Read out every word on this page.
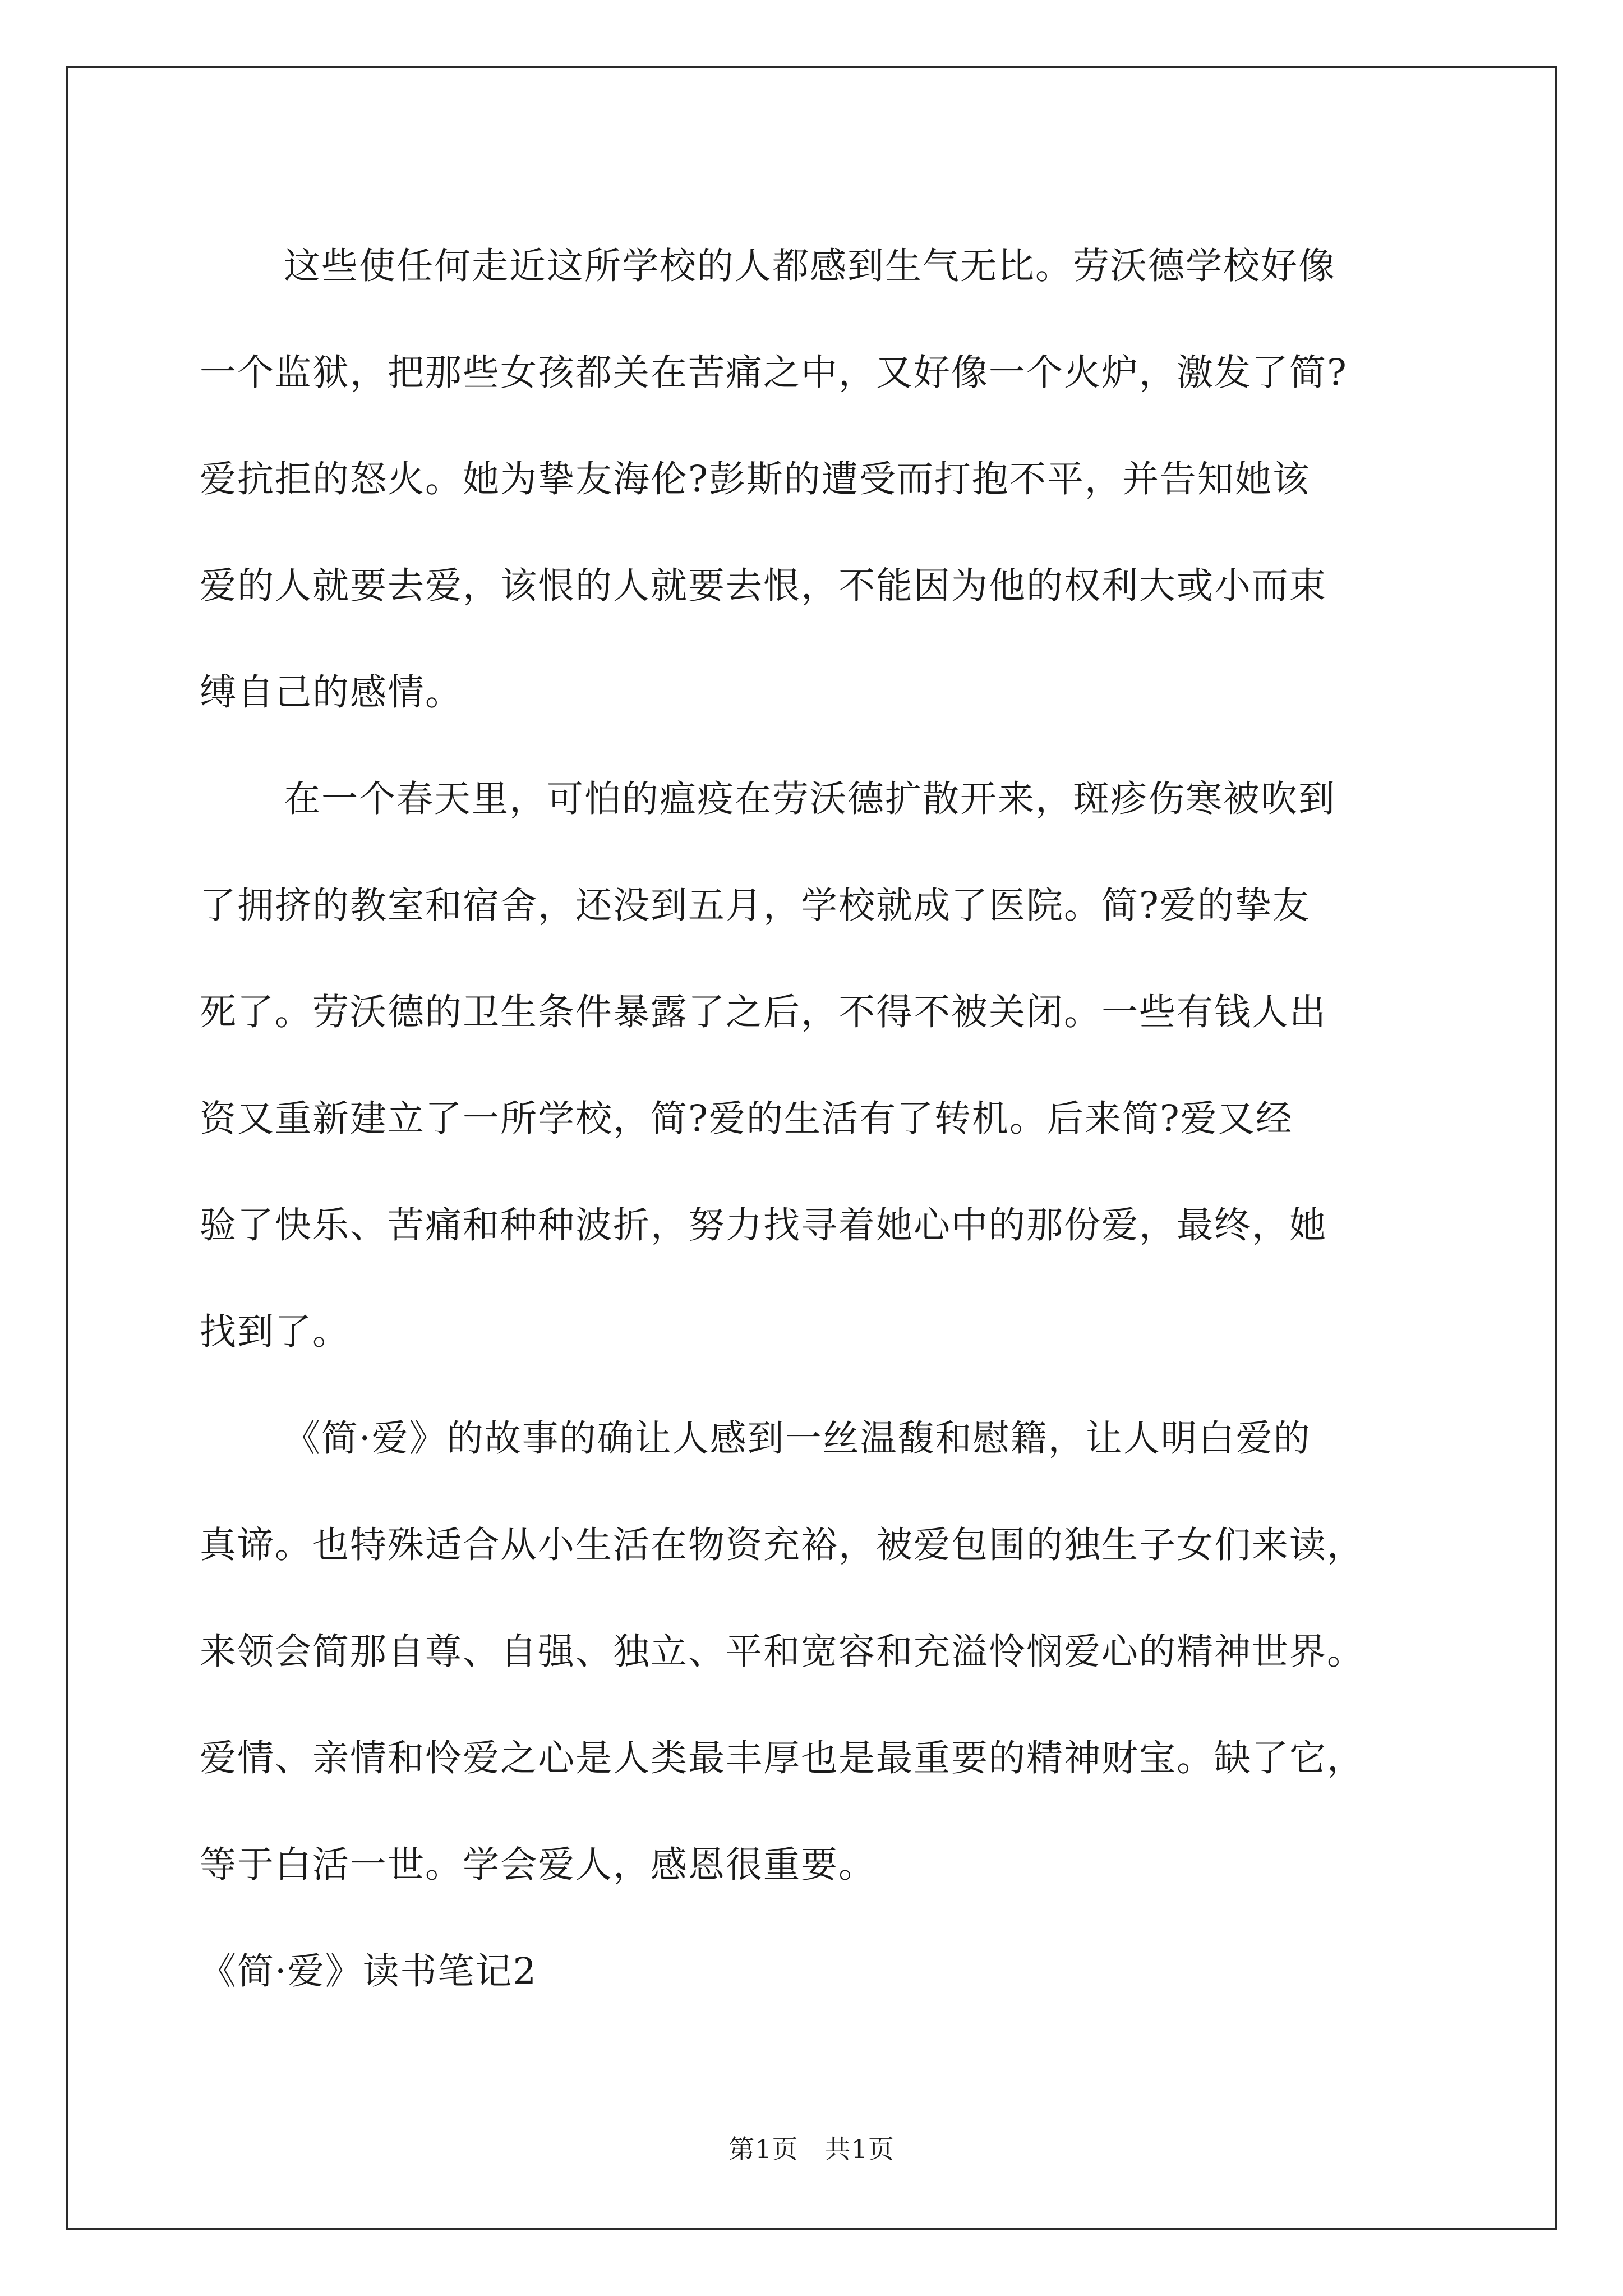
这些使任何走近这所学校的人都感到生气无比。劳沃德学校好像
一个监狱，把那些女孩都关在苦痛之中，又好像一个火炉，激发了简?
爱抗拒的怒火。她为挚友海伦?彭斯的遭受而打抱不平，并告知她该
爱的人就要去爱，该恨的人就要去恨，不能因为他的权利大或小而束
缚自己的感情。

在一个春天里，可怕的瘟疫在劳沃德扩散开来，斑疹伤寒被吹到
了拥挤的教室和宿舍，还没到五月，学校就成了医院。简?爱的挚友
死了。劳沃德的卫生条件暴露了之后，不得不被关闭。一些有钱人出
资又重新建立了一所学校，简?爱的生活有了转机。后来简?爱又经
验了快乐、苦痛和种种波折，努力找寻着她心中的那份爱，最终，她
找到了。

《简·爱》的故事的确让人感到一丝温馥和慰籍，让人明白爱的
真谛。也特殊适合从小生活在物资充裕，被爱包围的独生子女们来读，
来领会简那自尊、自强、独立、平和宽容和充溢怜悯爱心的精神世界。
爱情、亲情和怜爱之心是人类最丰厚也是最重要的精神财宝。缺了它，
等于白活一世。学会爱人，感恩很重要。

《简·爱》读书笔记2

第1页　共1页
